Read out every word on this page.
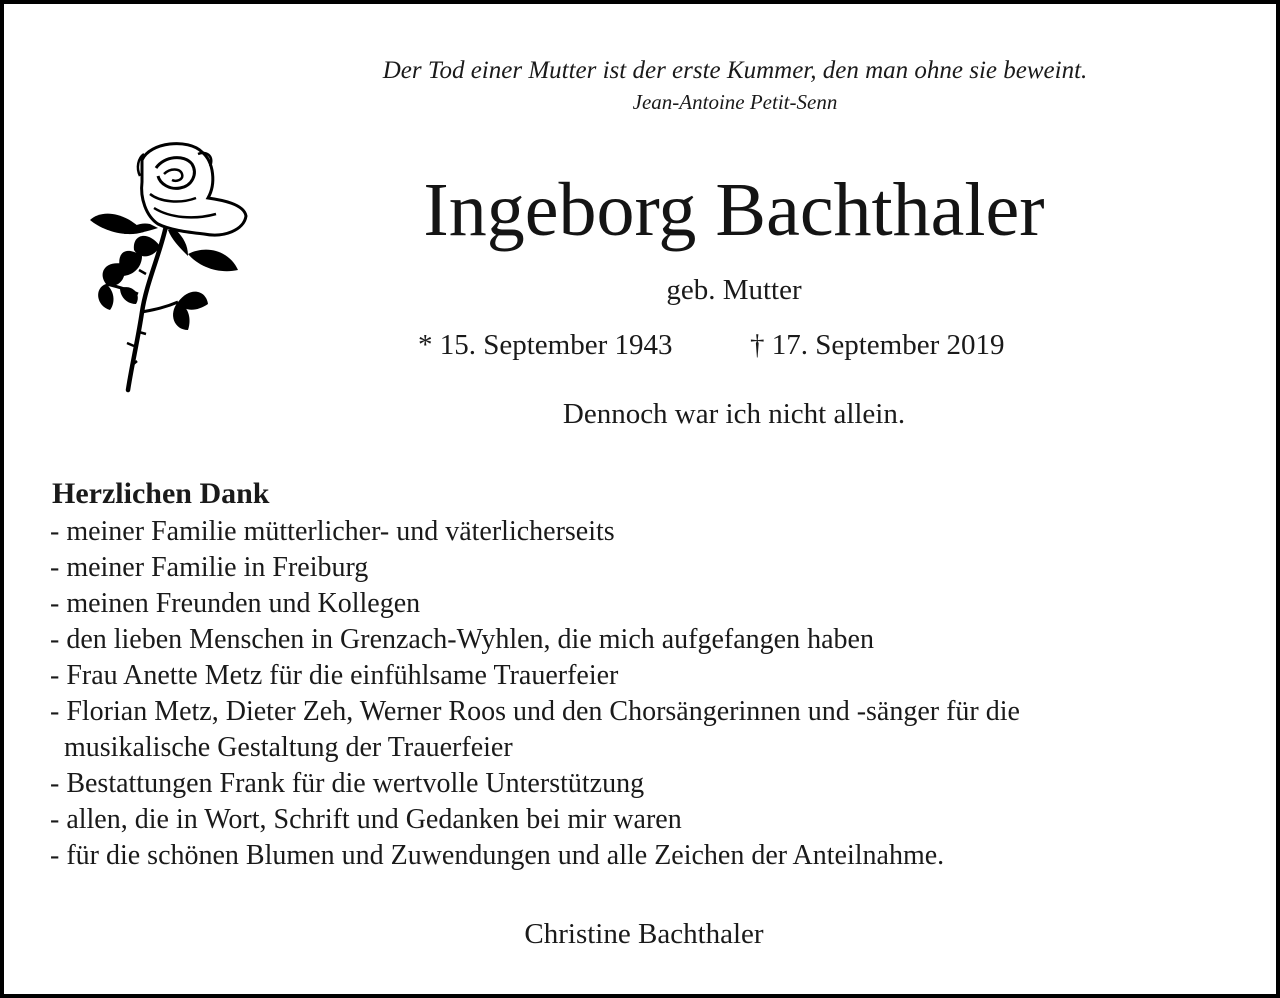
Der Tod einer Mutter ist der erste Kummer, den man ohne sie beweint.
Jean-Antoine Petit-Senn
Ingeborg Bachthaler
geb. Mutter
* 15. September 1943	† 17. September 2019
Dennoch war ich nicht allein.
Herzlichen Dank
- meiner Familie mütterlicher- und väterlicherseits
- meiner Familie in Freiburg
- meinen Freunden und Kollegen
- den lieben Menschen in Grenzach-Wyhlen, die mich aufgefangen haben
- Frau Anette Metz für die einfühlsame Trauerfeier
- Florian Metz, Dieter Zeh, Werner Roos und den Chorsängerinnen und -sänger für die
musikalische Gestaltung der Trauerfeier
- Bestattungen Frank für die wertvolle Unterstützung
- allen, die in Wort, Schrift und Gedanken bei mir waren
- für die schönen Blumen und Zuwendungen und alle Zeichen der Anteilnahme.
Christine Bachthaler
